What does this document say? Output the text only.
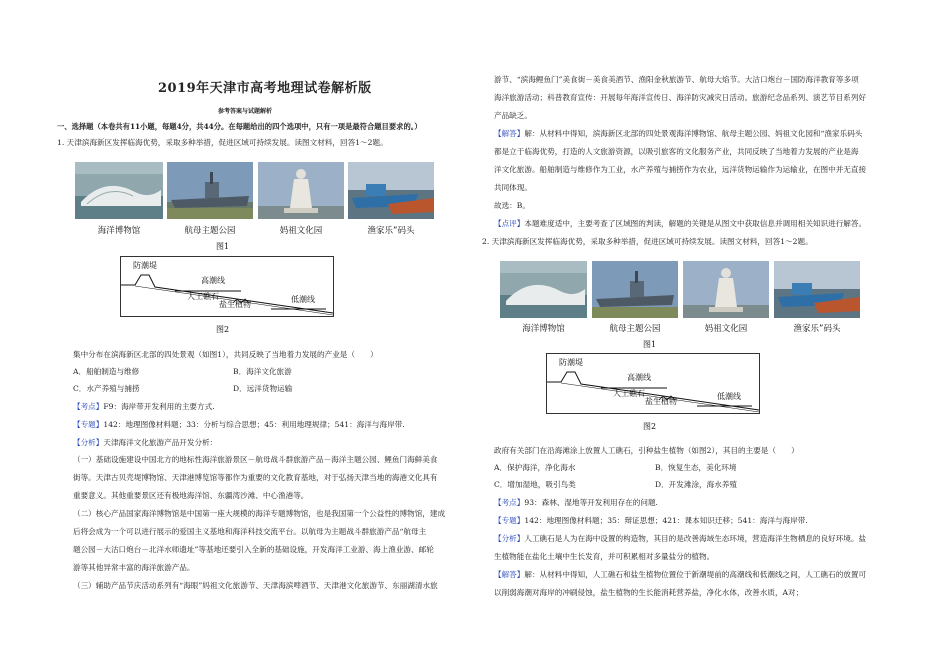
2019年天津市高考地理试卷解析版
参考答案与试题解析
一、选择题（本卷共有11小题，每题4分，共44分。在每题给出的四个选项中，只有一项是最符合题目要求的。）
1. 天津滨海新区发挥临海优势，采取多种举措，促进区域可持续发展。读图文材料，回答1～2题。
海洋博物馆	航母主题公园	妈祖文化园	渔家乐”码头
图1
防潮堤
高潮线
人工礁石
盐生植物
低潮线
图2
集中分布在滨海新区北部的四处景观（如图1），共同反映了当地着力发展的产业是（　　）
A．船舶制造与维修	B．海洋文化旅游
C．水产养殖与捕捞	D．远洋货物运输
【考点】F9：海岸带开发利用的主要方式.
【专题】142：地理图像材料题；33：分析与综合思想；45：利用地理规律；541：海洋与海岸带.
【分析】天津海洋文化旅游产品开发分析：
（一）基础设施建设中国北方的地标性海洋旅游景区－航母战斗群旅游产品－海洋主题公园、鲤鱼门海鲜美食
街等。天津古贝壳堤博物馆、天津港博览馆等都作为重要的文化教育基地，对于弘扬天津当地的海港文化具有
重要意义。其他重要景区还有极地海洋馆、东疆湾沙滩、中心渔港等。
（二）核心产品国家海洋博物馆是中国第一座大规模的海洋专题博物馆，也是我国第一个公益性的博物馆，建成
后将会成为一个可以进行展示的爱国主义基地和海洋科技交流平台。以航母为主题战斗群旅游产品“航母主
题公园－大沽口炮台－北洋水师遗址”等基地还要引入全新的基础设施，开发海洋工业游、海上渔业游、邮轮
游等其他异常丰富的海洋旅游产品。
（三）辅助产品节庆活动系列有“海眼”妈祖文化旅游节、天津海滨啤酒节、天津港文化旅游节、东丽湖清水旅
游节、“滨海鲤鱼门”美食街－美食美酒节、渔阳金秋旅游节、航母大焰节。大沽口炮台－国防海洋教育等多项
海洋旅游活动；科普教育宣传：开展每年海洋宣传日、海洋防灾减灾日活动。旅游纪念品系列、演艺节目系列好
产品缺乏。
【解答】解：从材料中得知，滨海新区北部的四处景观海洋博物馆、航母主题公园、妈祖文化园和“渔家乐码头
都是立于临海优势，打造的人文旅游资源，以吸引旅客的文化服务产业，共同反映了当地着力发展的产业是海
洋文化旅游。船舶制造与维修作为工业，水产养殖与捕捞作为农业，远洋货物运输作为运输业，在图中并无直接
共同体现。
故选：B。
【点评】本题难度适中，主要考查了区域图的判读，解题的关键是从图文中获取信息并调用相关知识进行解答。
2. 天津滨海新区发挥临海优势，采取多种举措，促进区域可持续发展。读图文材料，回答1～2题。
海洋博物馆	航母主题公园	妈祖文化园	渔家乐”码头
图1
防潮堤
高潮线
人工礁石
盐生植物
低潮线
图2
政府有关部门在沿海滩涂上放置人工礁石，引种盐生植物（如图2），其目的主要是（　　）
A．保护海洋，净化海水	B．恢复生态，美化环境
C．增加湿地，吸引鸟类	D．开发滩涂，海水养殖
【考点】93：森林、湿地等开发利用存在的问题.
【专题】142：地理图像材料题；35：辩证思想；421：课本知识迁移；541：海洋与海岸带.
【分析】人工礁石是人为在海中设置的构造物，其目的是改善海域生态环境，营造海洋生物栖息的良好环境。盐
生植物能在盐化土壤中生长发育，并可积累相对多量盐分的植物。
【解答】解：从材料中得知，人工礁石和盐生植物位置位于新潮堤前的高潮线和低潮线之间，人工礁石的放置可
以削弱海潮对海岸的冲刷侵蚀，盐生植物的生长能消耗营养盐，净化水体，改善水质，A对；
